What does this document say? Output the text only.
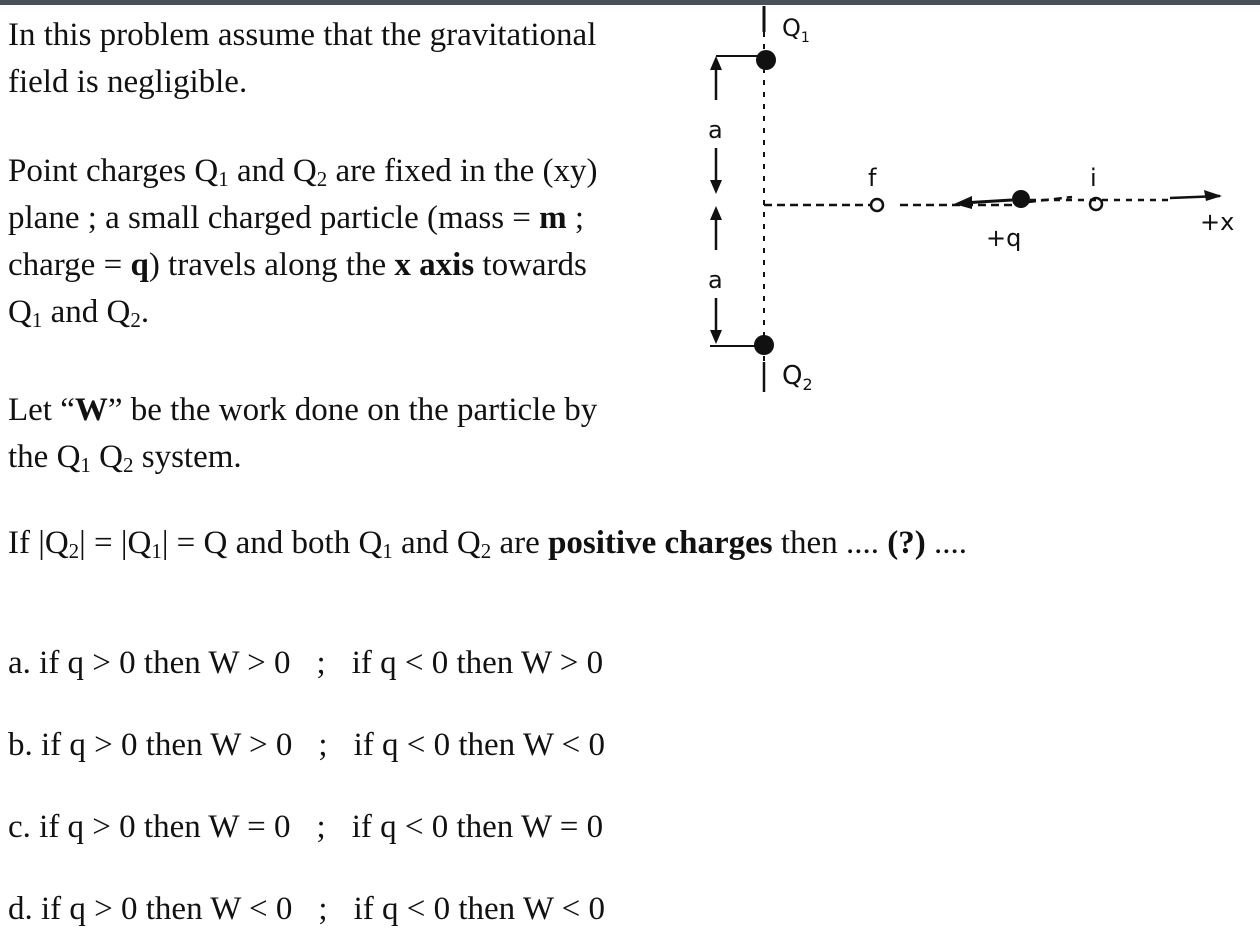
In this problem assume that the gravitational
field is negligible.
Point charges $Q_1$ and $Q_2$ are fixed in the (xy)
plane ; a small charged particle (mass = m ;
charge = q) travels along the x axis towards
$Q_1$ and $Q_2$.
Let “W” be the work done on the particle by
the $Q_1$ $Q_2$ system.
If $|Q_2| = |Q_1| = Q$ and both $Q_1$ and $Q_2$ are positive charges then .... (?) ....
a. if q > 0 then W > 0 ; if q < 0 then W > 0
b. if q > 0 then W > 0 ; if q < 0 then W < 0
c. if q > 0 then W = 0 ; if q < 0 then W = 0
d. if q > 0 then W < 0 ; if q < 0 then W < 0
$Q_1$
$Q_2$
a
a
f	i
+q
+x
